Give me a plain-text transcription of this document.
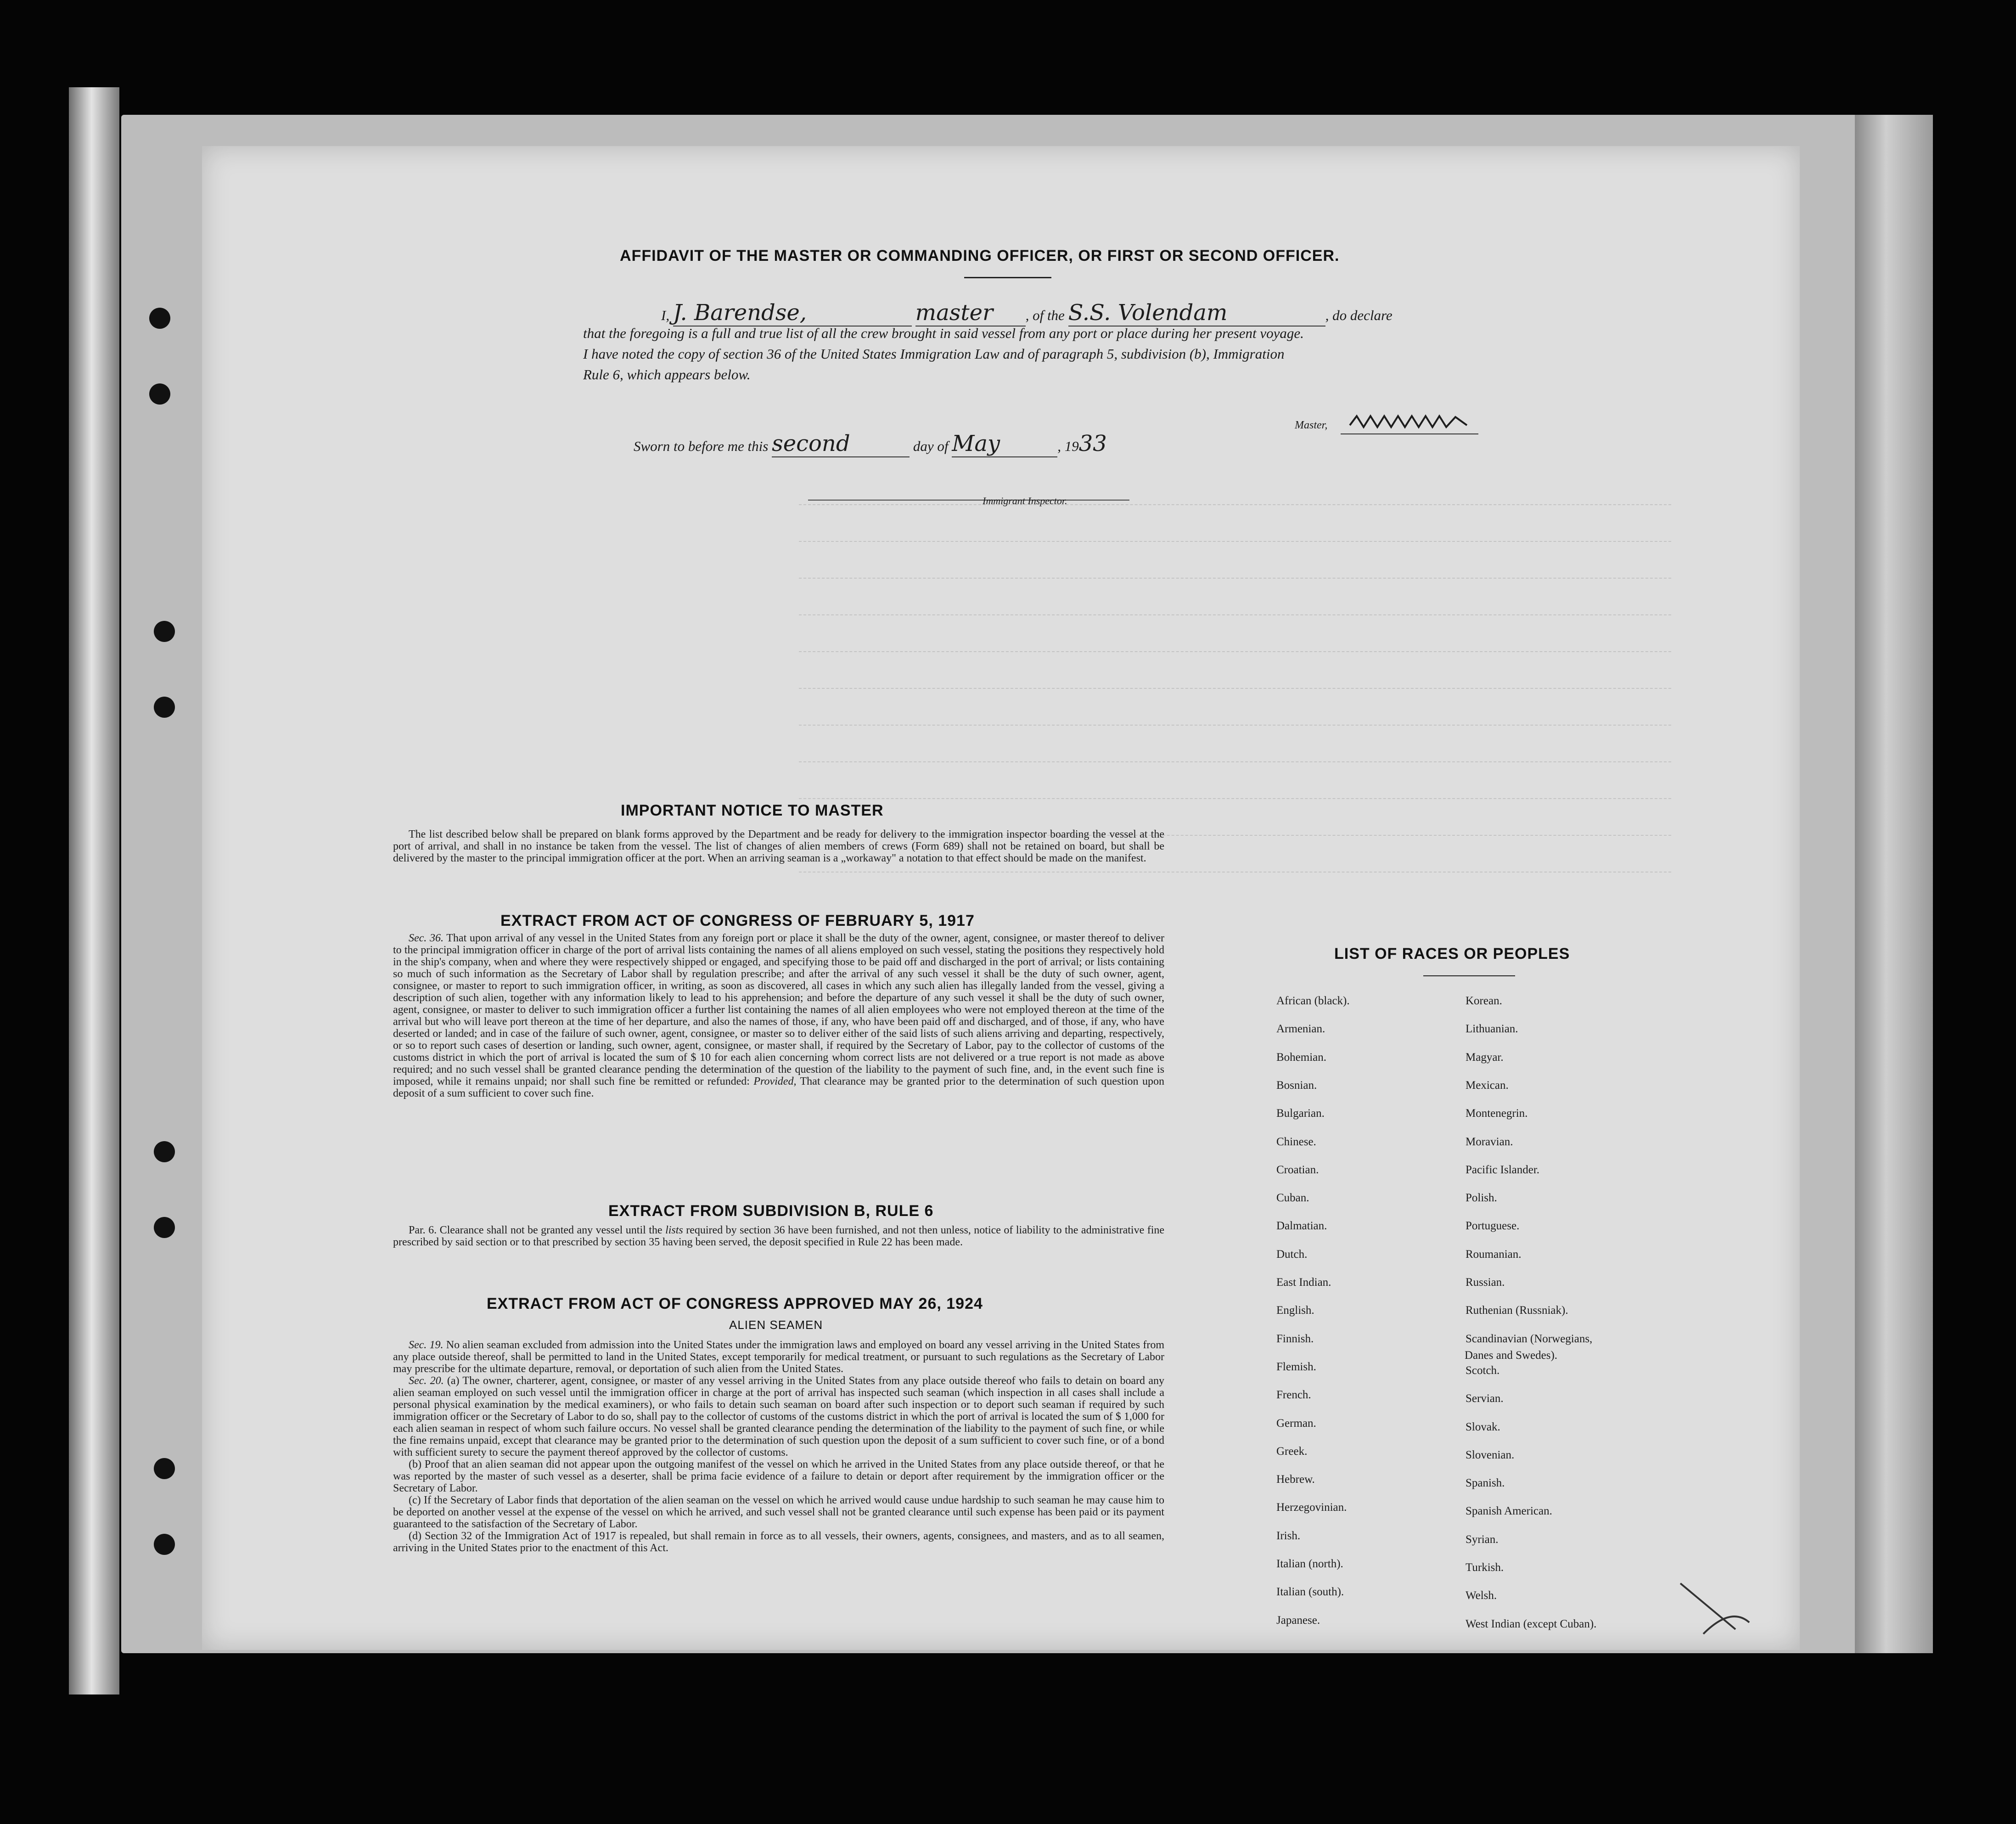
AFFIDAVIT OF THE MASTER OR COMMANDING OFFICER, OR FIRST OR SECOND OFFICER.
I, J. Barendse,	master , of the S.S. Volendam	, do declare
that the foregoing is a full and true list of all the crew brought in said vessel from any port or place during her present voyage.
I have noted the copy of section 36 of the United States Immigration Law and of paragraph 5, subdivision (b), Immigration
Rule 6, which appears below.
Master,
Sworn to before me this second	day of May	, 1933
Immigrant Inspector.
IMPORTANT NOTICE TO MASTER

The list described below shall be prepared on blank forms approved by the Department and be ready for delivery to the immigration inspector boarding the vessel at the port of arrival, and shall in no instance be taken from the vessel. The list of changes of alien members of crews (Form 689) shall not be retained on board, but shall be delivered by the master to the principal immigration officer at the port. When an arriving seaman is a „workaway" a notation to that effect should be made on the manifest.

EXTRACT FROM ACT OF CONGRESS OF FEBRUARY 5, 1917

Sec. 36. That upon arrival of any vessel in the United States from any foreign port or place it shall be the duty of the owner, agent, consignee, or master thereof to deliver to the principal immigration officer in charge of the port of arrival lists containing the names of all aliens employed on such vessel, stating the positions they respectively hold in the ship's company, when and where they were respectively shipped or engaged, and specifying those to be paid off and discharged in the port of arrival; or lists containing so much of such information as the Secretary of Labor shall by regulation prescribe; and after the arrival of any such vessel it shall be the duty of such owner, agent, consignee, or master to report to such immigration officer, in writing, as soon as discovered, all cases in which any such alien has illegally landed from the vessel, giving a description of such alien, together with any information likely to lead to his apprehension; and before the departure of any such vessel it shall be the duty of such owner, agent, consignee, or master to deliver to such immigration officer a further list containing the names of all alien employees who were not employed thereon at the time of the arrival but who will leave port thereon at the time of her departure, and also the names of those, if any, who have been paid off and discharged, and of those, if any, who have deserted or landed; and in case of the failure of such owner, agent, consignee, or master so to deliver either of the said lists of such aliens arriving and departing, respectively, or so to report such cases of desertion or landing, such owner, agent, consignee, or master shall, if required by the Secretary of Labor, pay to the collector of customs of the customs district in which the port of arrival is located the sum of $ 10 for each alien concerning whom correct lists are not delivered or a true report is not made as above required; and no such vessel shall be granted clearance pending the determination of the question of the liability to the payment of such fine, and, in the event such fine is imposed, while it remains unpaid; nor shall such fine be remitted or refunded: Provided, That clearance may be granted prior to the determination of such question upon deposit of a sum sufficient to cover such fine.

EXTRACT FROM SUBDIVISION B, RULE 6

Par. 6. Clearance shall not be granted any vessel until the lists required by section 36 have been furnished, and not then unless, notice of liability to the administrative fine prescribed by said section or to that prescribed by section 35 having been served, the deposit specified in Rule 22 has been made.

EXTRACT FROM ACT OF CONGRESS APPROVED MAY 26, 1924
ALIEN SEAMEN

Sec. 19. No alien seaman excluded from admission into the United States under the immigration laws and employed on board any vessel arriving in the United States from any place outside thereof, shall be permitted to land in the United States, except temporarily for medical treatment, or pursuant to such regulations as the Secretary of Labor may prescribe for the ultimate departure, removal, or deportation of such alien from the United States.

Sec. 20. (a) The owner, charterer, agent, consignee, or master of any vessel arriving in the United States from any place outside thereof who fails to detain on board any alien seaman employed on such vessel until the immigration officer in charge at the port of arrival has inspected such seaman (which inspection in all cases shall include a personal physical examination by the medical examiners), or who fails to detain such seaman on board after such inspection or to deport such seaman if required by such immigration officer or the Secretary of Labor to do so, shall pay to the collector of customs of the customs district in which the port of arrival is located the sum of $ 1,000 for each alien seaman in respect of whom such failure occurs. No vessel shall be granted clearance pending the determination of the liability to the payment of such fine, or while the fine remains unpaid, except that clearance may be granted prior to the determination of such question upon the deposit of a sum sufficient to cover such fine, or of a bond with sufficient surety to secure the payment thereof approved by the collector of customs.

(b) Proof that an alien seaman did not appear upon the outgoing manifest of the vessel on which he arrived in the United States from any place outside thereof, or that he was reported by the master of such vessel as a deserter, shall be prima facie evidence of a failure to detain or deport after requirement by the immigration officer or the Secretary of Labor.

(c) If the Secretary of Labor finds that deportation of the alien seaman on the vessel on which he arrived would cause undue hardship to such seaman he may cause him to be deported on another vessel at the expense of the vessel on which he arrived, and such vessel shall not be granted clearance until such expense has been paid or its payment guaranteed to the satisfaction of the Secretary of Labor.

(d) Section 32 of the Immigration Act of 1917 is repealed, but shall remain in force as to all vessels, their owners, agents, consignees, and masters, and as to all seamen, arriving in the United States prior to the enactment of this Act.

LIST OF RACES OR PEOPLES
African (black).
Armenian.
Bohemian.
Bosnian.
Bulgarian.
Chinese.
Croatian.
Cuban.
Dalmatian.
Dutch.
East Indian.
English.
Finnish.
Flemish.
French.
German.
Greek.
Hebrew.
Herzegovinian.
Irish.
Italian (north).
Italian (south).
Japanese.
Korean.
Lithuanian.
Magyar.
Mexican.
Montenegrin.
Moravian.
Pacific Islander.
Polish.
Portuguese.
Roumanian.
Russian.
Ruthenian (Russniak).
Scandinavian (Norwegians,
Scotch.
Servian.
Slovak.
Slovenian.
Spanish.
Spanish American.
Syrian.
Turkish.
Welsh.
West Indian (except Cuban).
Danes and Swedes).
